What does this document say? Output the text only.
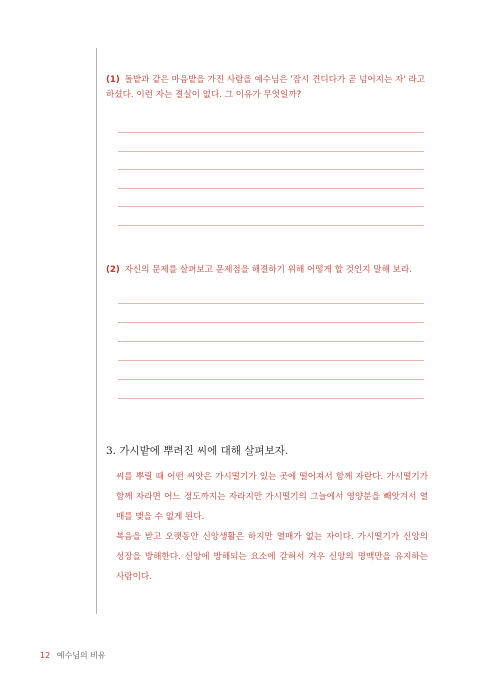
(1) 돌밭과 같은 마음밭을 가진 사람을 예수님은 '잠시 견디다가 곧 넘어지는 자' 라고 하셨다. 이런 자는 결실이 없다. 그 이유가 무엇일까?
(2) 자신의 문제를 살펴보고 문제점을 해결하기 위해 어떻게 할 것인지 말해 보라.
3. 가시밭에 뿌려진 씨에 대해 살펴보자.

씨를 뿌릴 때 어떤 씨앗은 가시떨기가 있는 곳에 떨어져서 함께 자란다. 가시떨기가 함께 자라면 어느 정도까지는 자라지만 가시떨기의 그늘에서 영양분을 빼앗겨서 열매를 맺을 수 없게 된다.

복음을 받고 오랫동안 신앙생활은 하지만 열매가 없는 자이다. 가시떨기가 신앙의 성장을 방해한다. 신앙에 방해되는 요소에 갇혀서 겨우 신앙의 명맥만을 유지하는 사람이다.

12 예수님의 비유
